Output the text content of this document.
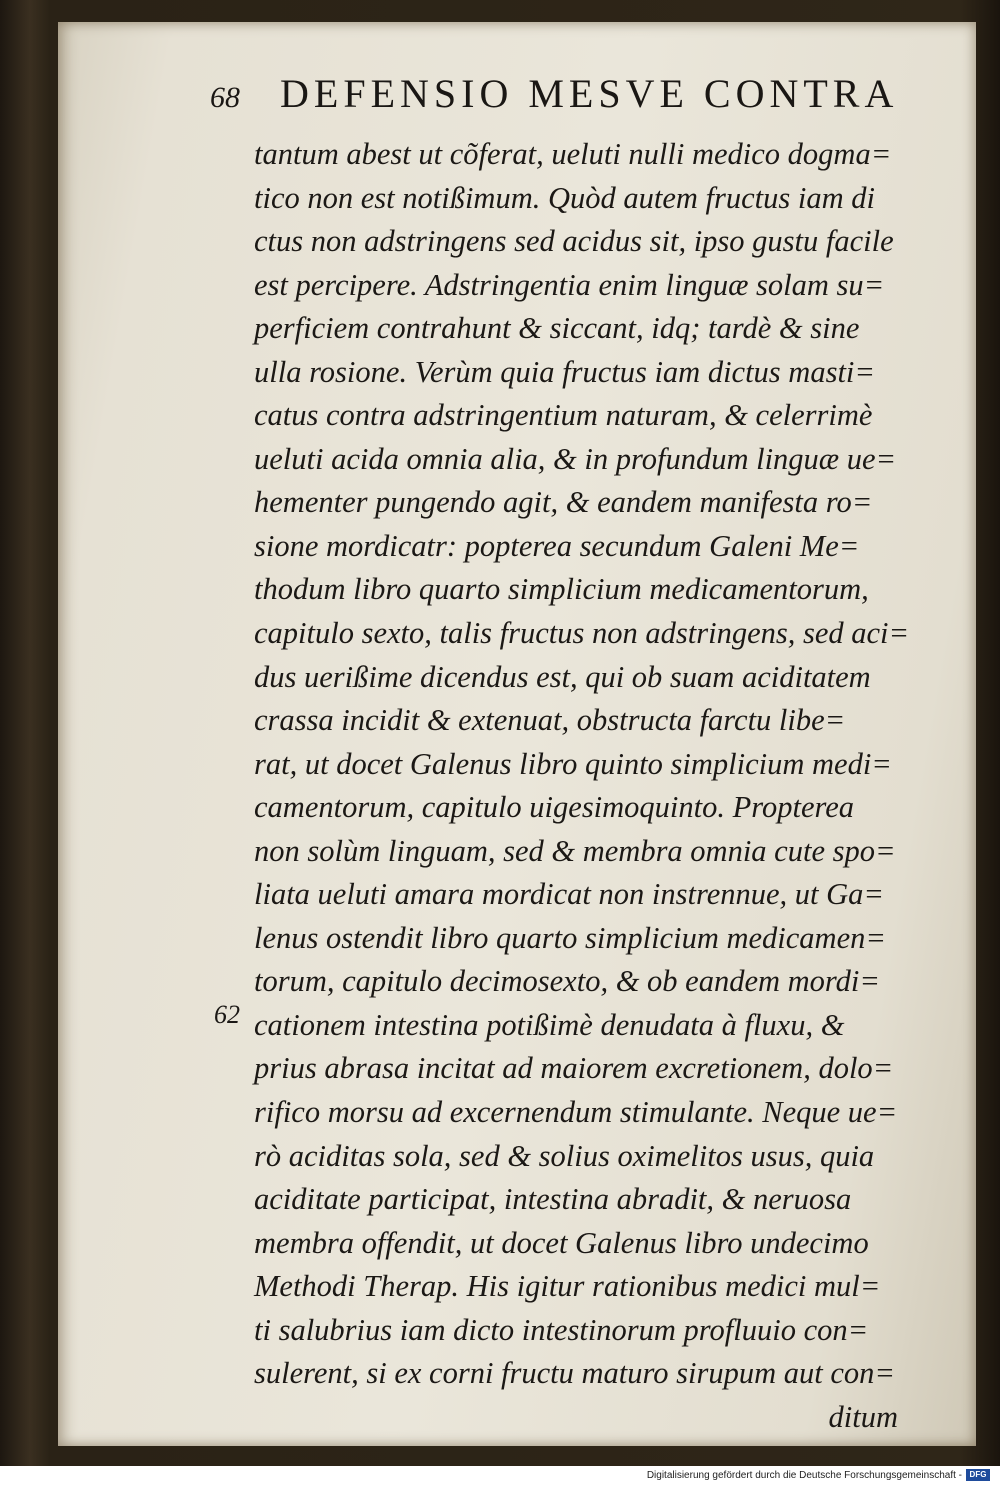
68	DEFENSIO MESVE CONTRA
tantum abest ut cõferat, ueluti nulli medico dogma=
tico non est notißimum. Quòd autem fructus iam di
ctus non adstringens sed acidus sit, ipso gustu facile
est percipere. Adstringentia enim linguæ solam su=
perficiem contrahunt & siccant, idq; tardè & sine
ulla rosione. Verùm quia fructus iam dictus masti=
catus contra adstringentium naturam, & celerrimè
ueluti acida omnia alia, & in profundum linguæ ue=
hementer pungendo agit, & eandem manifesta ro=
sione mordicatr: popterea secundum Galeni Me=
thodum libro quarto simplicium medicamentorum,
capitulo sexto, talis fructus non adstringens, sed aci=
dus uerißime dicendus est, qui ob suam aciditatem
crassa incidit & extenuat, obstructa farctu libe=
rat, ut docet Galenus libro quinto simplicium medi=
camentorum, capitulo uigesimoquinto. Propterea
non solùm linguam, sed & membra omnia cute spo=
liata ueluti amara mordicat non instrennue, ut Ga=
lenus ostendit libro quarto simplicium medicamen=
torum, capitulo decimosexto, & ob eandem mordi=
cationem intestina potißimè denudata à fluxu, &
prius abrasa incitat ad maiorem excretionem, dolo=
rifico morsu ad excernendum stimulante. Neque ue=
rò aciditas sola, sed & solius oximelitos usus, quia
aciditate participat, intestina abradit, & neruosa
membra offendit, ut docet Galenus libro undecimo
Methodi Therap. His igitur rationibus medici mul=
ti salubrius iam dicto intestinorum profluuio con=
sulerent, si ex corni fructu maturo sirupum aut con=
ditum
62
Digitalisierung gefördert durch die Deutsche Forschungsgemeinschaft - DFG
